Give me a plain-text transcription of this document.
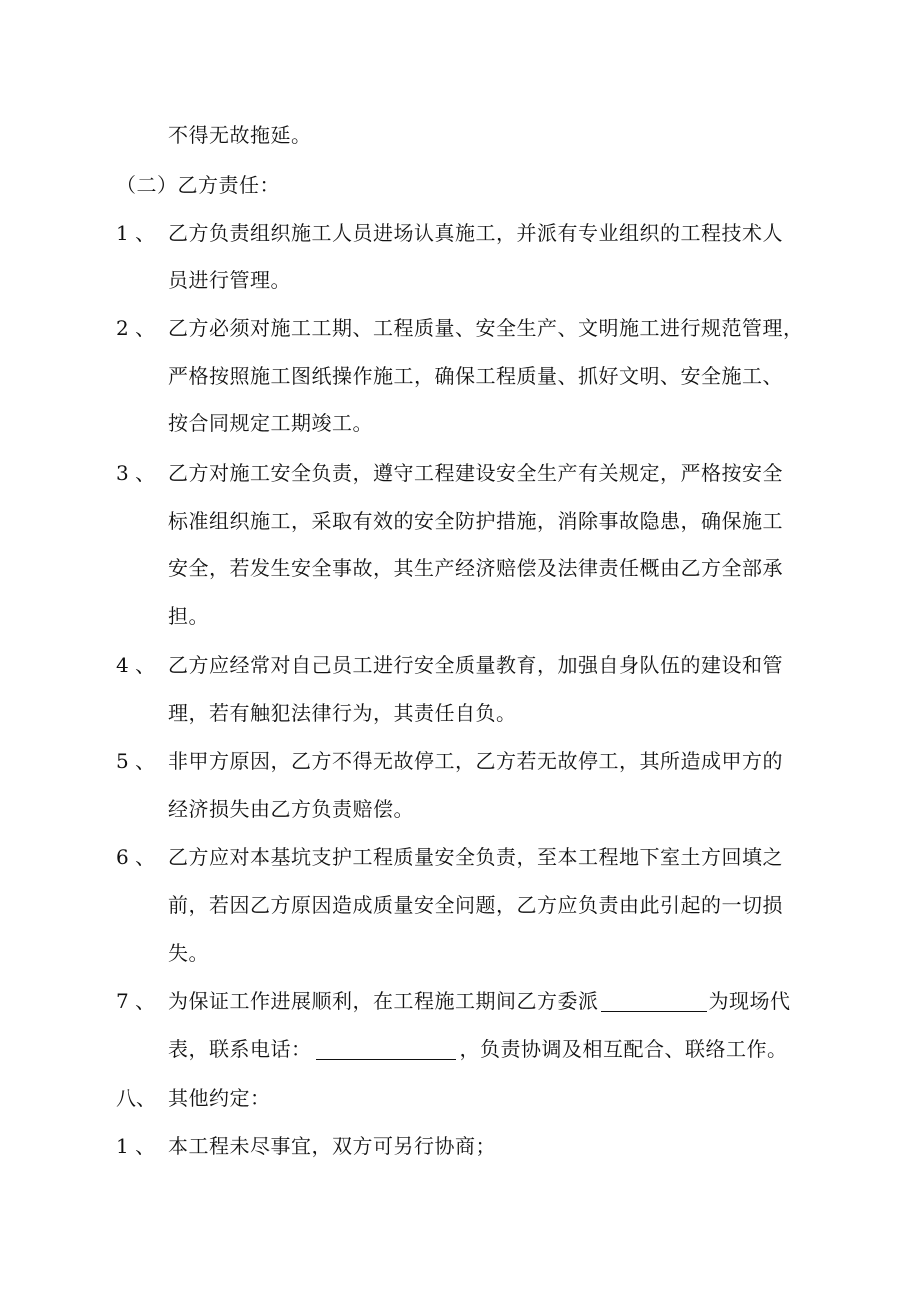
不得无故拖延。
（二）乙方责任：
1 、 乙方负责组织施工人员进场认真施工，并派有专业组织的工程技术人
员进行管理。
2 、 乙方必须对施工工期、工程质量、安全生产、文明施工进行规范管理，
严格按照施工图纸操作施工，确保工程质量、抓好文明、安全施工、
按合同规定工期竣工。
3 、 乙方对施工安全负责，遵守工程建设安全生产有关规定，严格按安全
标准组织施工，采取有效的安全防护措施，消除事故隐患，确保施工
安全，若发生安全事故，其生产经济赔偿及法律责任概由乙方全部承
担。
4 、 乙方应经常对自己员工进行安全质量教育，加强自身队伍的建设和管
理，若有触犯法律行为，其责任自负。
5 、 非甲方原因，乙方不得无故停工，乙方若无故停工，其所造成甲方的
经济损失由乙方负责赔偿。
6 、 乙方应对本基坑支护工程质量安全负责，至本工程地下室土方回填之
前，若因乙方原因造成质量安全问题，乙方应负责由此引起的一切损
失。
7 、 为保证工作进展顺利，在工程施工期间乙方委派	为现场代
表，联系电话：	，负责协调及相互配合、联络工作。
八、 其他约定：
1 、 本工程未尽事宜，双方可另行协商；
